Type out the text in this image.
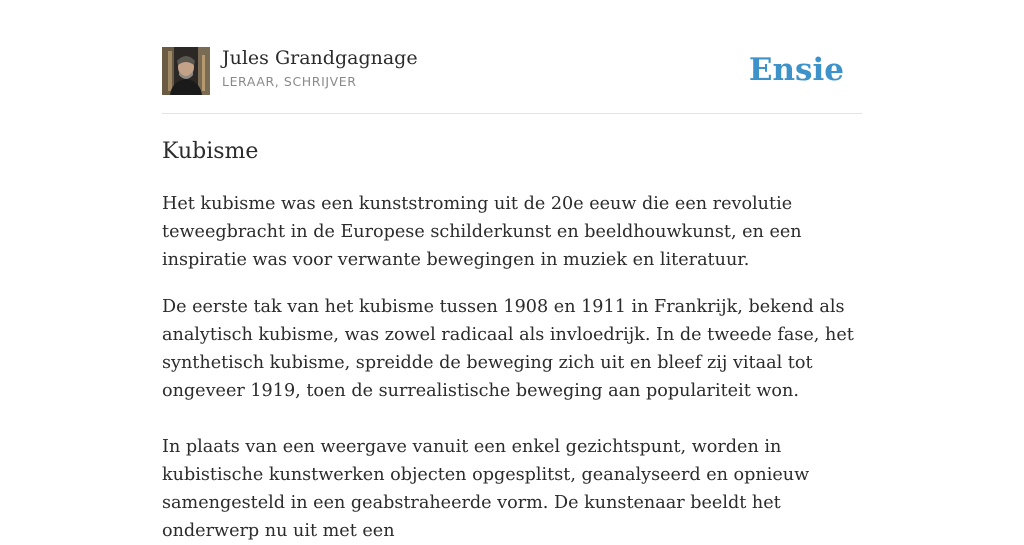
Jules Grandgagnage
LERAAR, SCHRIJVER	Ensie
Kubisme

Het kubisme was een kunststroming uit de 20e eeuw die een revolutie teweegbracht in de Europese schilderkunst en beeldhouwkunst, en een inspiratie was voor verwante bewegingen in muziek en literatuur.

De eerste tak van het kubisme tussen 1908 en 1911 in Frankrijk, bekend als analytisch kubisme, was zowel radicaal als invloedrijk. In de tweede fase, het synthetisch kubisme, spreidde de beweging zich uit en bleef zij vitaal tot ongeveer 1919, toen de surrealistische beweging aan populariteit won.

In plaats van een weergave vanuit een enkel gezichtspunt, worden in kubistische kunstwerken objecten opgesplitst, geanalyseerd en opnieuw samengesteld in een geabstraheerde vorm. De kunstenaar beeldt het onderwerp nu uit met een
